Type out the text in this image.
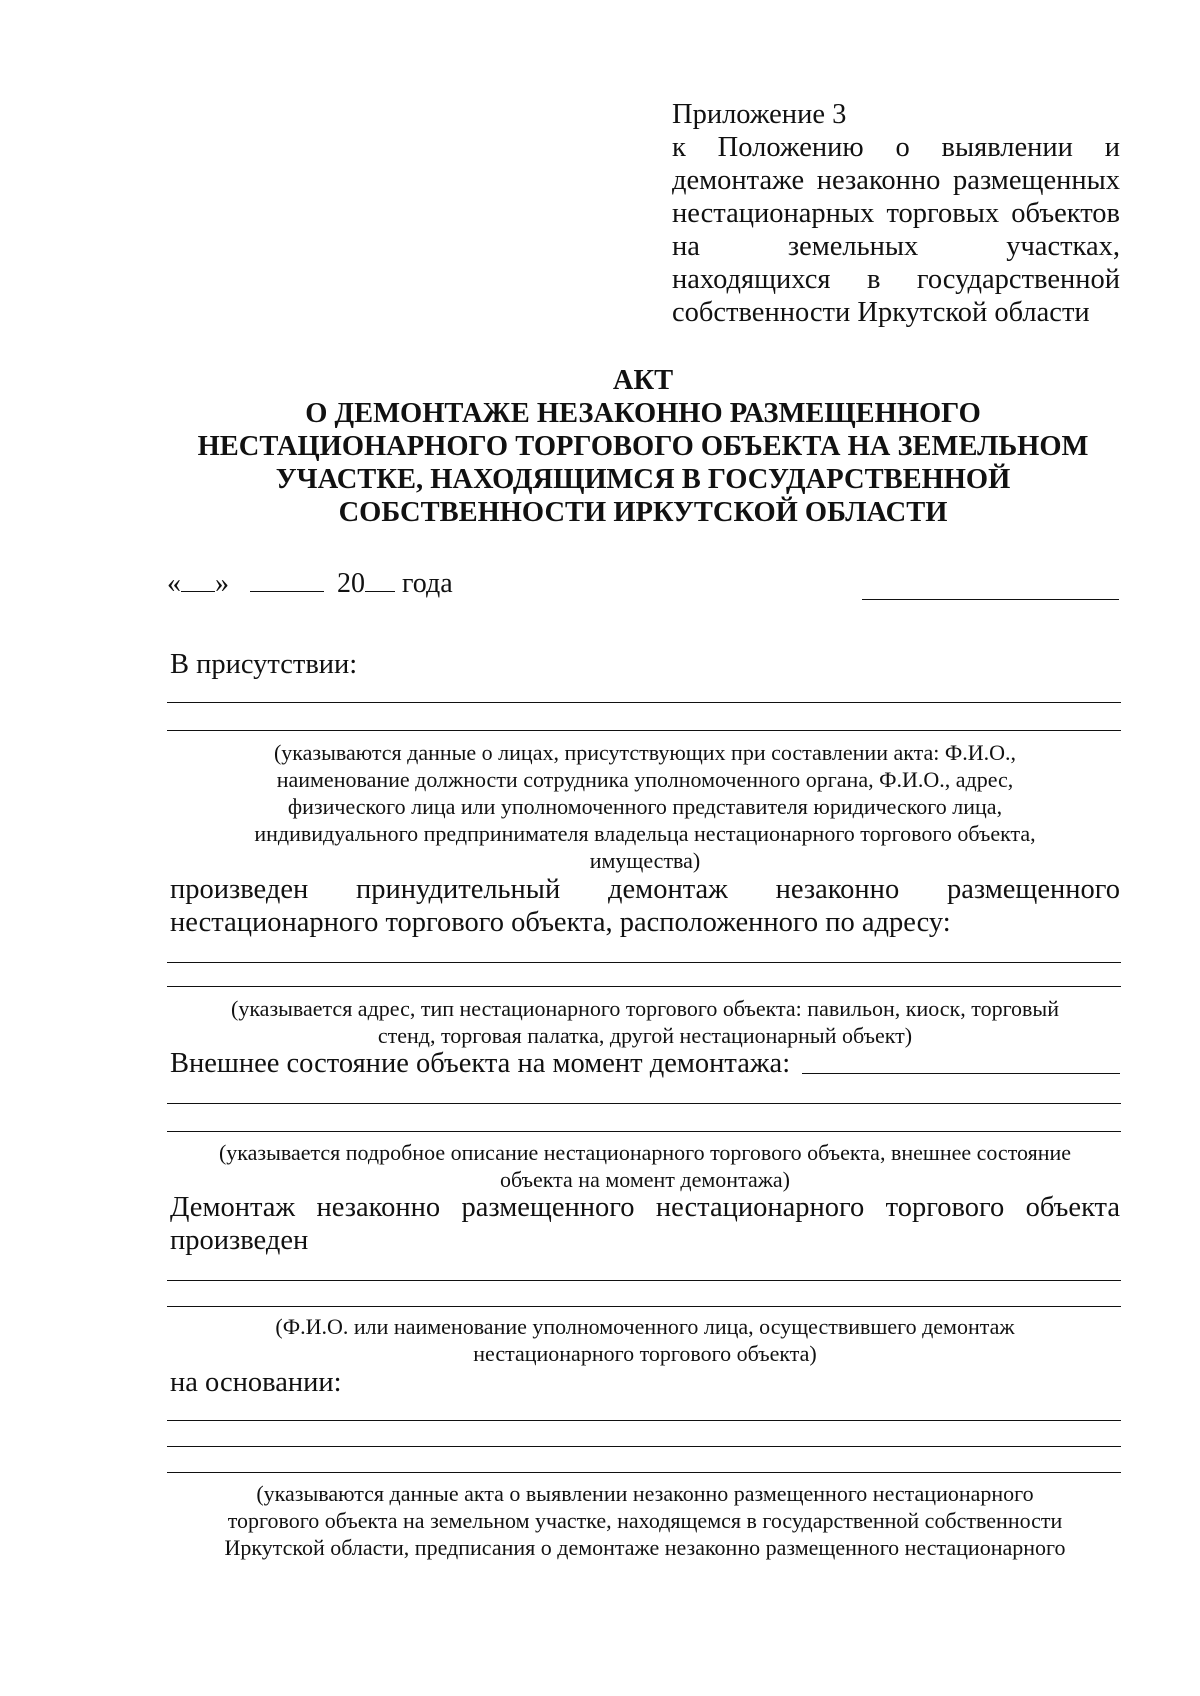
Приложение 3
к Положению о выявлении и
демонтаже незаконно размещенных
нестационарных торговых объектов
на земельных участках,
находящихся в государственной
собственности Иркутской области
АКТ
О ДЕМОНТАЖЕ НЕЗАКОННО РАЗМЕЩЕННОГО
НЕСТАЦИОНАРНОГО ТОРГОВОГО ОБЪЕКТА НА ЗЕМЕЛЬНОМ
УЧАСТКЕ, НАХОДЯЩИМСЯ В ГОСУДАРСТВЕННОЙ
СОБСТВЕННОСТИ ИРКУТСКОЙ ОБЛАСТИ
« »	20 года
В присутствии:
(указываются данные о лицах, присутствующих при составлении акта: Ф.И.О.,
наименование должности сотрудника уполномоченного органа, Ф.И.О., адрес,
физического лица или уполномоченного представителя юридического лица,
индивидуального предпринимателя владельца нестационарного торгового объекта,
имущества)
произведен принудительный демонтаж незаконно размещенного
нестационарного торгового объекта, расположенного по адресу:
(указывается адрес, тип нестационарного торгового объекта: павильон, киоск, торговый
стенд, торговая палатка, другой нестационарный объект)
Внешнее состояние объекта на момент демонтажа:
(указывается подробное описание нестационарного торгового объекта, внешнее состояние
объекта на момент демонтажа)
Демонтаж незаконно размещенного нестационарного торгового объекта
произведен
(Ф.И.О. или наименование уполномоченного лица, осуществившего демонтаж
нестационарного торгового объекта)
на основании:
(указываются данные акта о выявлении незаконно размещенного нестационарного
торгового объекта на земельном участке, находящемся в государственной собственности
Иркутской области, предписания о демонтаже незаконно размещенного нестационарного
